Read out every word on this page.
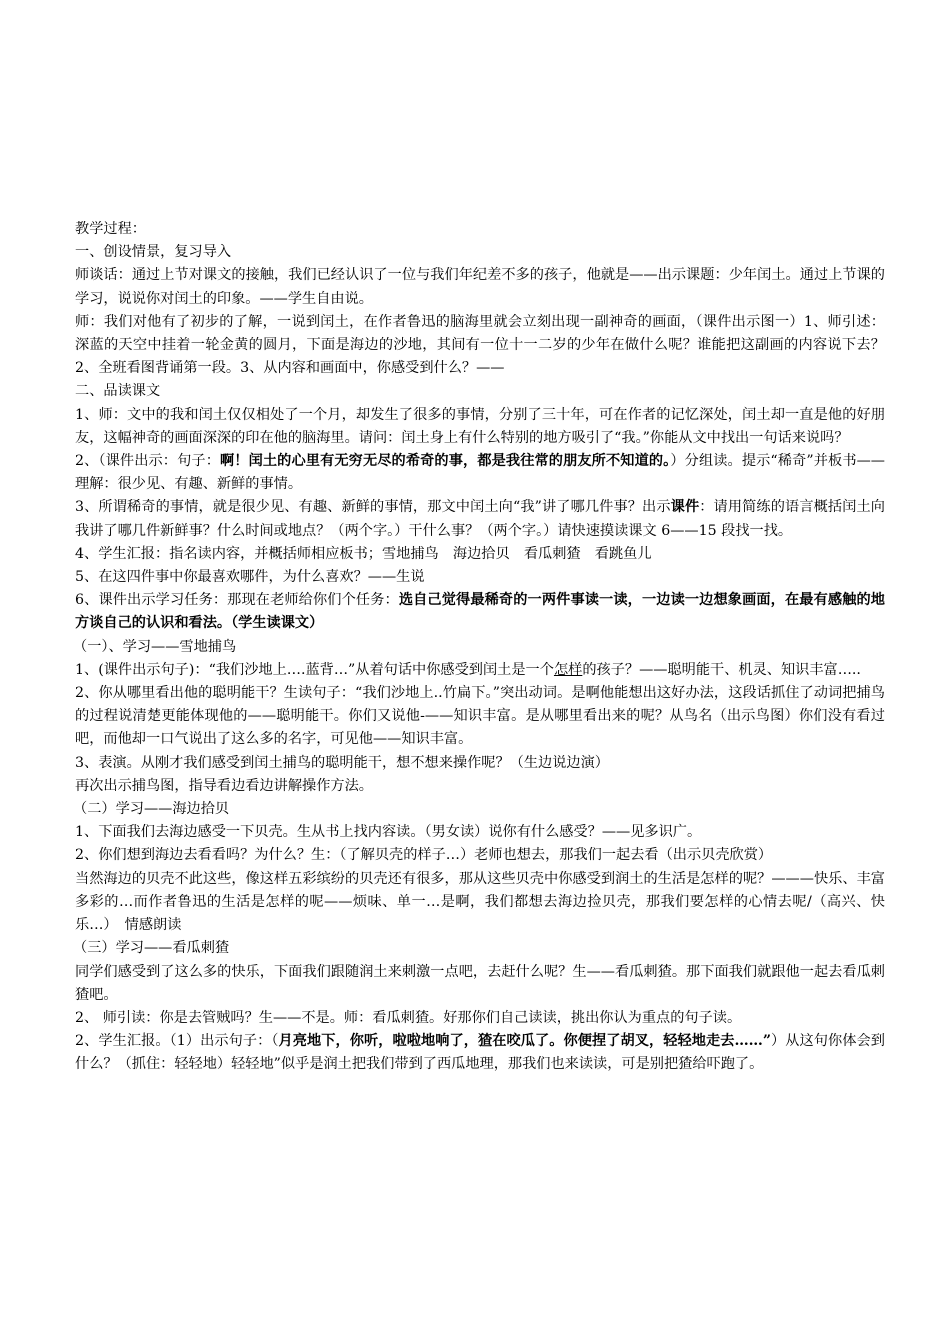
教学过程：

一、创设情景，复习导入

师谈话：通过上节对课文的接触，我们已经认识了一位与我们年纪差不多的孩子，他就是——出示课题：少年闰土。通过上节课的学习，说说你对闰土的印象。——学生自由说。

师：我们对他有了初步的了解，一说到闰土，在作者鲁迅的脑海里就会立刻出现一副神奇的画面，（课件出示图一）1、师引述：深蓝的天空中挂着一轮金黄的圆月，下面是海边的沙地，其间有一位十一二岁的少年在做什么呢？谁能把这副画的内容说下去？2、全班看图背诵第一段。3、从内容和画面中，你感受到什么？——

二、品读课文

1、师：文中的我和闰土仅仅相处了一个月，却发生了很多的事情，分别了三十年，可在作者的记忆深处，闰土却一直是他的好朋友，这幅神奇的画面深深的印在他的脑海里。请问：闰土身上有什么特别的地方吸引了“我。”你能从文中找出一句话来说吗？

2、（课件出示：句子：啊！闰土的心里有无穷无尽的希奇的事，都是我往常的朋友所不知道的。）分组读。提示“稀奇”并板书——理解：很少见、有趣、新鲜的事情。

3、所谓稀奇的事情，就是很少见、有趣、新鲜的事情，那文中闰土向“我”讲了哪几件事？出示课件：请用简练的语言概括闰土向我讲了哪几件新鲜事？什么时间或地点？（两个字。）干什么事？（两个字。）请快速摸读课文 6——15 段找一找。

4、学生汇报：指名读内容，并概括师相应板书；雪地捕鸟　海边拾贝　看瓜刺猹　看跳鱼儿

5、在这四件事中你最喜欢哪件，为什么喜欢？——生说

6、课件出示学习任务：那现在老师给你们个任务：选自己觉得最稀奇的一两件事读一读，一边读一边想象画面，在最有感触的地方谈自己的认识和看法。（学生读课文）

（一）、学习——雪地捕鸟

1、(课件出示句子)：“我们沙地上….蓝背…”从着句话中你感受到闰土是一个怎样的孩子？——聪明能干、机灵、知识丰富…..

2、你从哪里看出他的聪明能干？生读句子：“我们沙地上..竹扁下。”突出动词。是啊他能想出这好办法，这段话抓住了动词把捕鸟的过程说清楚更能体现他的——聪明能干。你们又说他-——知识丰富。是从哪里看出来的呢？从鸟名（出示鸟图）你们没有看过吧，而他却一口气说出了这么多的名字，可见他——知识丰富。

3、表演。从刚才我们感受到闰土捕鸟的聪明能干，想不想来操作呢？（生边说边演）

再次出示捕鸟图，指导看边看边讲解操作方法。

（二）学习——海边拾贝

1、下面我们去海边感受一下贝壳。生从书上找内容读。（男女读）说你有什么感受？——见多识广。

2、你们想到海边去看看吗？为什么？生：（了解贝壳的样子…）老师也想去，那我们一起去看（出示贝壳欣赏）

当然海边的贝壳不此这些，像这样五彩缤纷的贝壳还有很多，那从这些贝壳中你感受到润土的生活是怎样的呢？———快乐、丰富多彩的…而作者鲁迅的生活是怎样的呢——烦味、单一…是啊，我们都想去海边捡贝壳，那我们要怎样的心情去呢/（高兴、快乐…）　情感朗读

（三）学习——看瓜刺猹

同学们感受到了这么多的快乐，下面我们跟随润土来刺激一点吧，去赶什么呢？生——看瓜刺猹。那下面我们就跟他一起去看瓜刺猹吧。

2、 师引读：你是去管贼吗？生——不是。师：看瓜刺猹。好那你们自己读读，挑出你认为重点的句子读。

2、学生汇报。（1）出示句子：（月亮地下，你听，啦啦地响了，猹在咬瓜了。你便捏了胡叉，轻轻地走去……”）从这句你体会到什么？（抓住：轻轻地）轻轻地”似乎是润土把我们带到了西瓜地理，那我们也来读读，可是别把猹给吓跑了。
